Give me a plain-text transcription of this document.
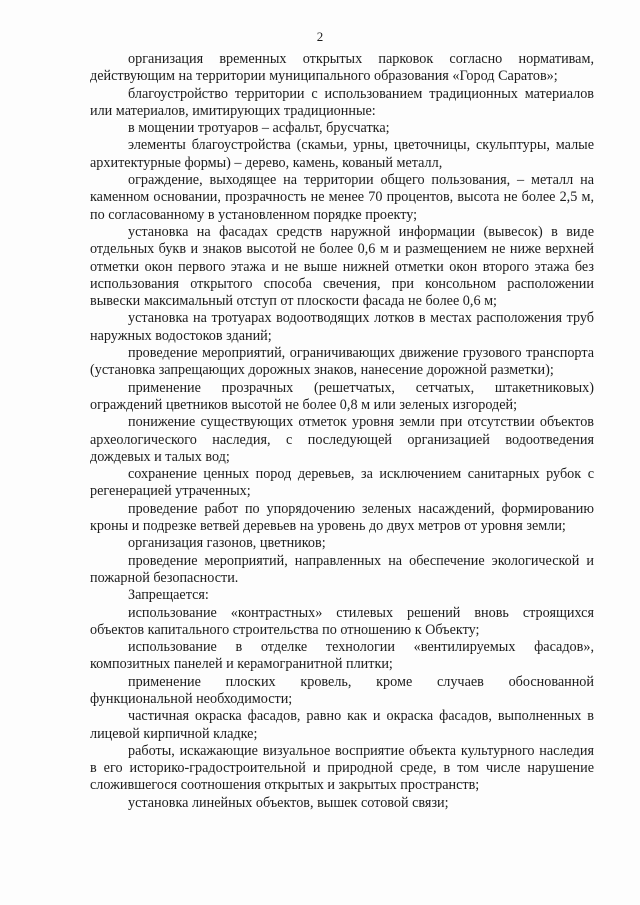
2

организация временных открытых парковок согласно нормативам, действующим на территории муниципального образования «Город Саратов»;

благоустройство территории с использованием традиционных материалов или материалов, имитирующих традиционные:

в мощении тротуаров – асфальт, брусчатка;

элементы благоустройства (скамьи, урны, цветочницы, скульптуры, малые архитектурные формы) – дерево, камень, кованый металл,

ограждение, выходящее на территории общего пользования, – металл на каменном основании, прозрачность не менее 70 процентов, высота не более 2,5 м, по согласованному в установленном порядке проекту;

установка на фасадах средств наружной информации (вывесок) в виде отдельных букв и знаков высотой не более 0,6 м и размещением не ниже верхней отметки окон первого этажа и не выше нижней отметки окон второго этажа без использования открытого способа свечения, при консольном расположении вывески максимальный отступ от плоскости фасада не более 0,6 м;

установка на тротуарах водоотводящих лотков в местах расположения труб наружных водостоков зданий;

проведение мероприятий, ограничивающих движение грузового транспорта (установка запрещающих дорожных знаков, нанесение дорожной разметки);

применение прозрачных (решетчатых, сетчатых, штакетниковых) ограждений цветников высотой не более 0,8 м или зеленых изгородей;

понижение существующих отметок уровня земли при отсутствии объектов археологического наследия, с последующей организацией водоотведения дождевых и талых вод;

сохранение ценных пород деревьев, за исключением санитарных рубок с регенерацией утраченных;

проведение работ по упорядочению зеленых насаждений, формированию кроны и подрезке ветвей деревьев на уровень до двух метров от уровня земли;

организация газонов, цветников;

проведение мероприятий, направленных на обеспечение экологической и пожарной безопасности.

Запрещается:

использование «контрастных» стилевых решений вновь строящихся объектов капитального строительства по отношению к Объекту;

использование в отделке технологии «вентилируемых фасадов», композитных панелей и керамогранитной плитки;

применение плоских кровель, кроме случаев обоснованной функциональной необходимости;

частичная окраска фасадов, равно как и окраска фасадов, выполненных в лицевой кирпичной кладке;

работы, искажающие визуальное восприятие объекта культурного наследия в его историко-градостроительной и природной среде, в том числе нарушение сложившегося соотношения открытых и закрытых пространств;

установка линейных объектов, вышек сотовой связи;
